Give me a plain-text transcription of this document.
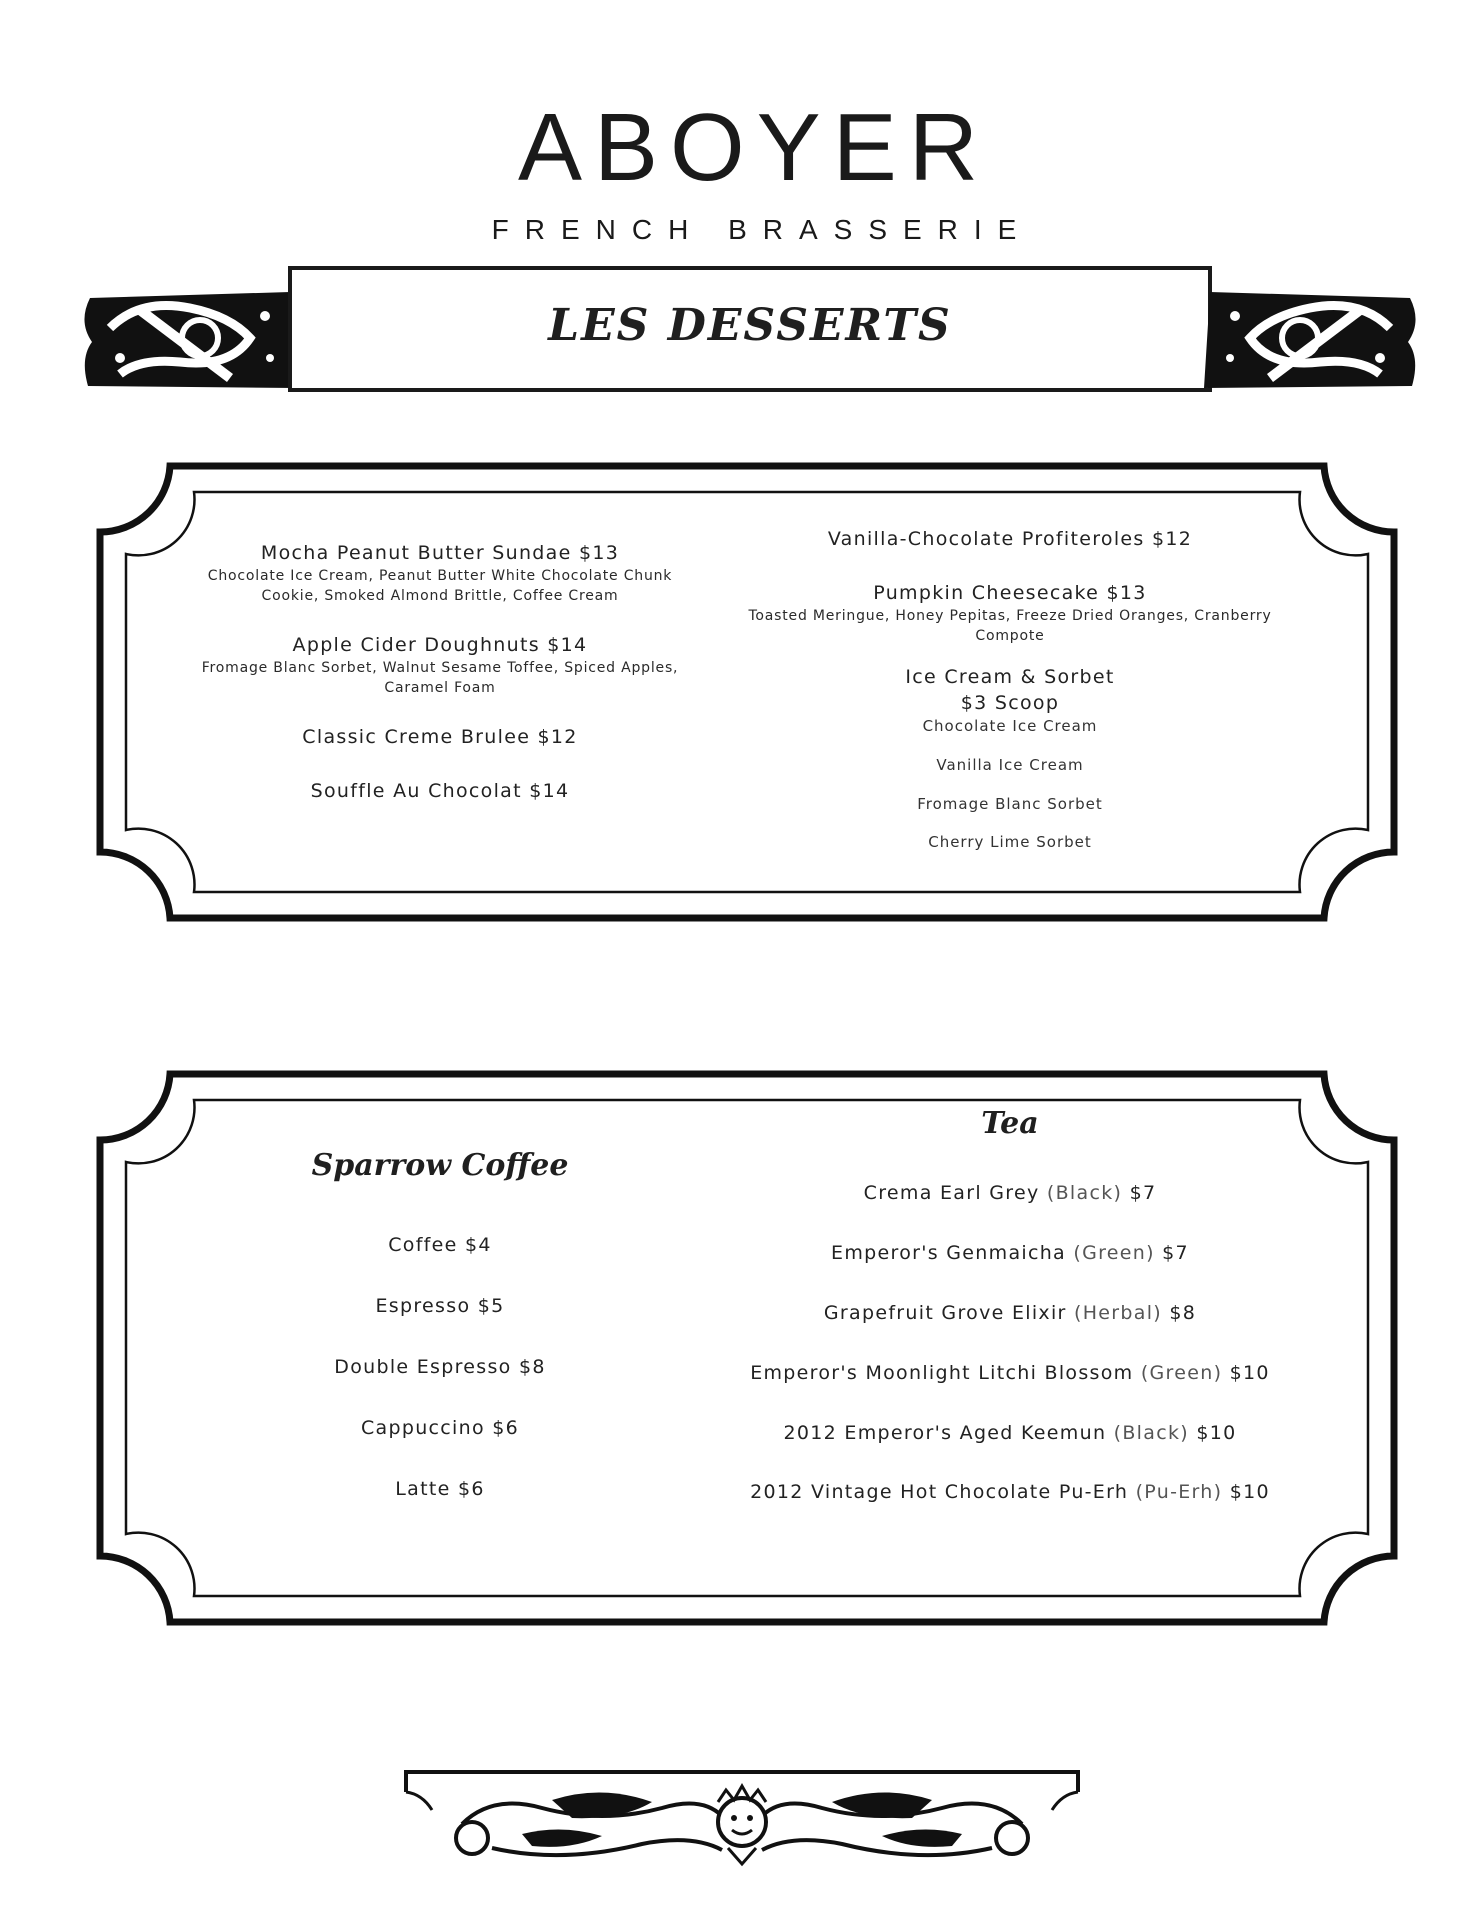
ABOYER
FRENCH BRASSERIE
LES DESSERTS
Mocha Peanut Butter Sundae $13
Chocolate Ice Cream, Peanut Butter White Chocolate Chunk
Cookie, Smoked Almond Brittle, Coffee Cream
Apple Cider Doughnuts $14
Fromage Blanc Sorbet, Walnut Sesame Toffee, Spiced Apples,
Caramel Foam
Classic Creme Brulee $12
Souffle Au Chocolat $14
Vanilla-Chocolate Profiteroles $12
Pumpkin Cheesecake $13
Toasted Meringue, Honey Pepitas, Freeze Dried Oranges, Cranberry
Compote
Ice Cream & Sorbet
$3 Scoop
Chocolate Ice Cream
Vanilla Ice Cream
Fromage Blanc Sorbet
Cherry Lime Sorbet
Sparrow Coffee
Coffee $4
Espresso $5
Double Espresso $8
Cappuccino $6
Latte $6
Tea
Crema Earl Grey (Black) $7
Emperor's Genmaicha (Green) $7
Grapefruit Grove Elixir (Herbal) $8
Emperor's Moonlight Litchi Blossom (Green) $10
2012 Emperor's Aged Keemun (Black) $10
2012 Vintage Hot Chocolate Pu-Erh (Pu-Erh) $10
